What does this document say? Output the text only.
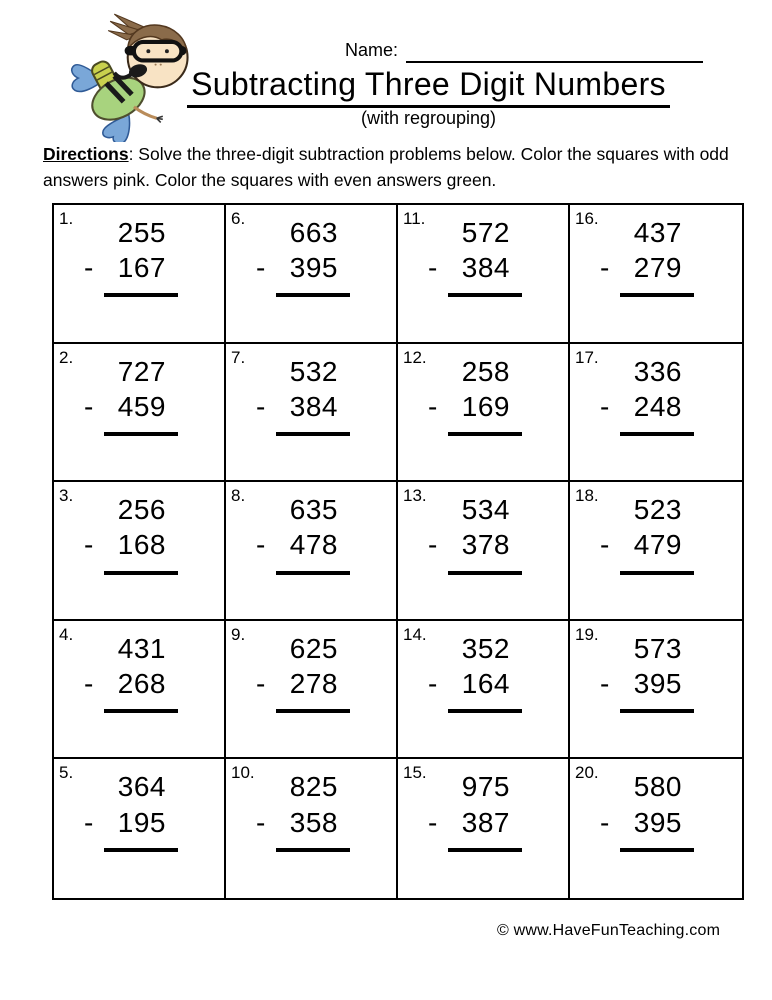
Name:
Subtracting Three Digit Numbers
(with regrouping)
Directions: Solve the three-digit subtraction problems below. Color the squares with odd answers pink. Color the squares with even answers green.
1.	255
- 167
6.	663
- 395
11.	572
- 384
16.	437
- 279
2.	727
- 459
7.	532
- 384
12.	258
- 169
17.	336
- 248
3.	256
- 168
8.	635
- 478
13.	534
- 378
18.	523
- 479
4.	431
- 268
9.	625
- 278
14.	352
- 164
19.	573
- 395
5.	364
- 195
10.	825
- 358
15.	975
- 387
20.	580
- 395
© www.HaveFunTeaching.com
